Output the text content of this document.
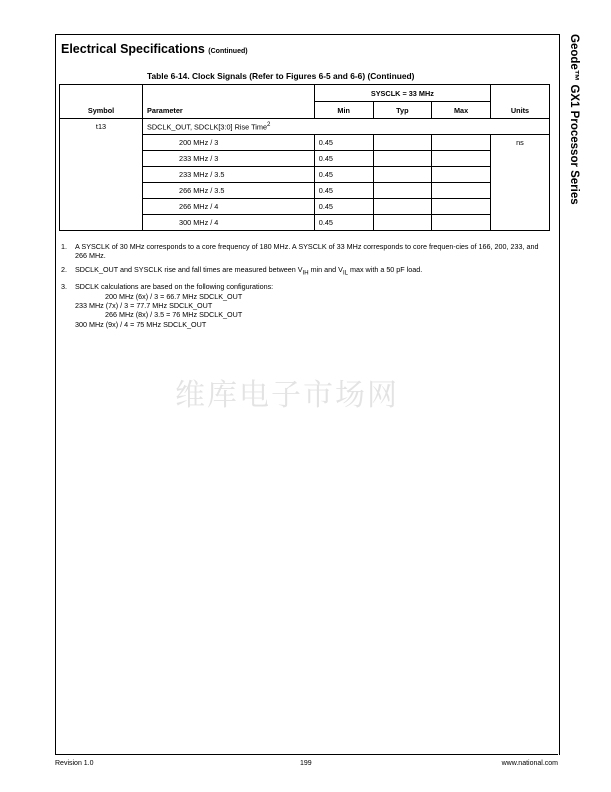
Geode™ GX1 Processor Series
Electrical Specifications (Continued)
Table 6-14. Clock Signals (Refer to Figures 6-5 and 6-6) (Continued)
Symbol	Parameter	SYSCLK = 33 MHz			Units
		Min	Typ	Max	
t13	SDCLK_OUT, SDCLK[3:0] Rise Time$^2$
	200 MHz / 3	0.45			ns
	233 MHz / 3	0.45			
	233 MHz / 3.5	0.45			
	266 MHz / 3.5	0.45			
	266 MHz / 4	0.45			
	300 MHz / 4	0.45			
1. A SYSCLK of 30 MHz corresponds to a core frequency of 180 MHz. A SYSCLK of 33 MHz corresponds to core frequen-cies of 166, 200, 233, and 266 MHz.
2. SDCLK_OUT and SYSCLK rise and fall times are measured between $V_{IH}$ min and $V_{IL}$ max with a 50 pF load.
3. SDCLK calculations are based on the following configurations:
200 MHz (6x) / 3 = 66.7 MHz SDCLK_OUT
233 MHz (7x) / 3 = 77.7 MHz SDCLK_OUT
266 MHz (8x) / 3.5 = 76 MHz SDCLK_OUT
300 MHz (9x) / 4 = 75 MHz SDCLK_OUT
维库电子市场网
Revision 1.0	199	www.national.com
